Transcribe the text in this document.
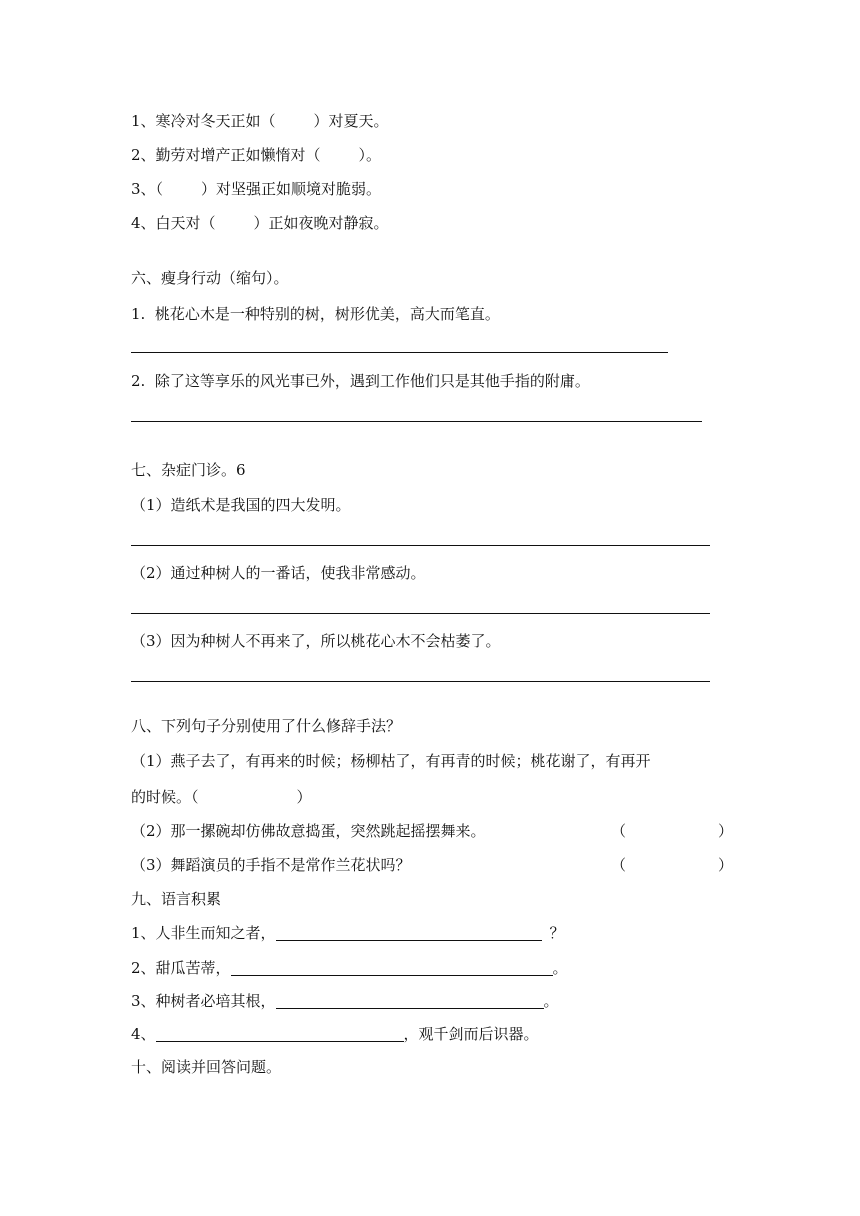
1、寒冷对冬天正如（	）对夏天。
2、勤劳对增产正如懒惰对（	）。
3、（	）对坚强正如顺境对脆弱。
4、白天对（	）正如夜晚对静寂。
六、瘦身行动（缩句）。
1.  桃花心木是一种特别的树，树形优美，高大而笔直。
2.  除了这等享乐的风光事已外，遇到工作他们只是其他手指的附庸。
七、杂症门诊。6
（1）造纸术是我国的四大发明。
（2）通过种树人的一番话，使我非常感动。
（3）因为种树人不再来了，所以桃花心木不会枯萎了。
八、下列句子分别使用了什么修辞手法？
（1）燕子去了，有再来的时候；杨柳枯了，有再青的时候；桃花谢了，有再开
的时候。（	）
（2）那一摞碗却仿佛故意捣蛋，突然跳起摇摆舞来。	（	）
（3）舞蹈演员的手指不是常作兰花状吗？	（	）
九、语言积累
1、人非生而知之者，	？
2、甜瓜苦蒂，	。
3、种树者必培其根，	。
4、	，观千剑而后识器。
十、阅读并回答问题。
